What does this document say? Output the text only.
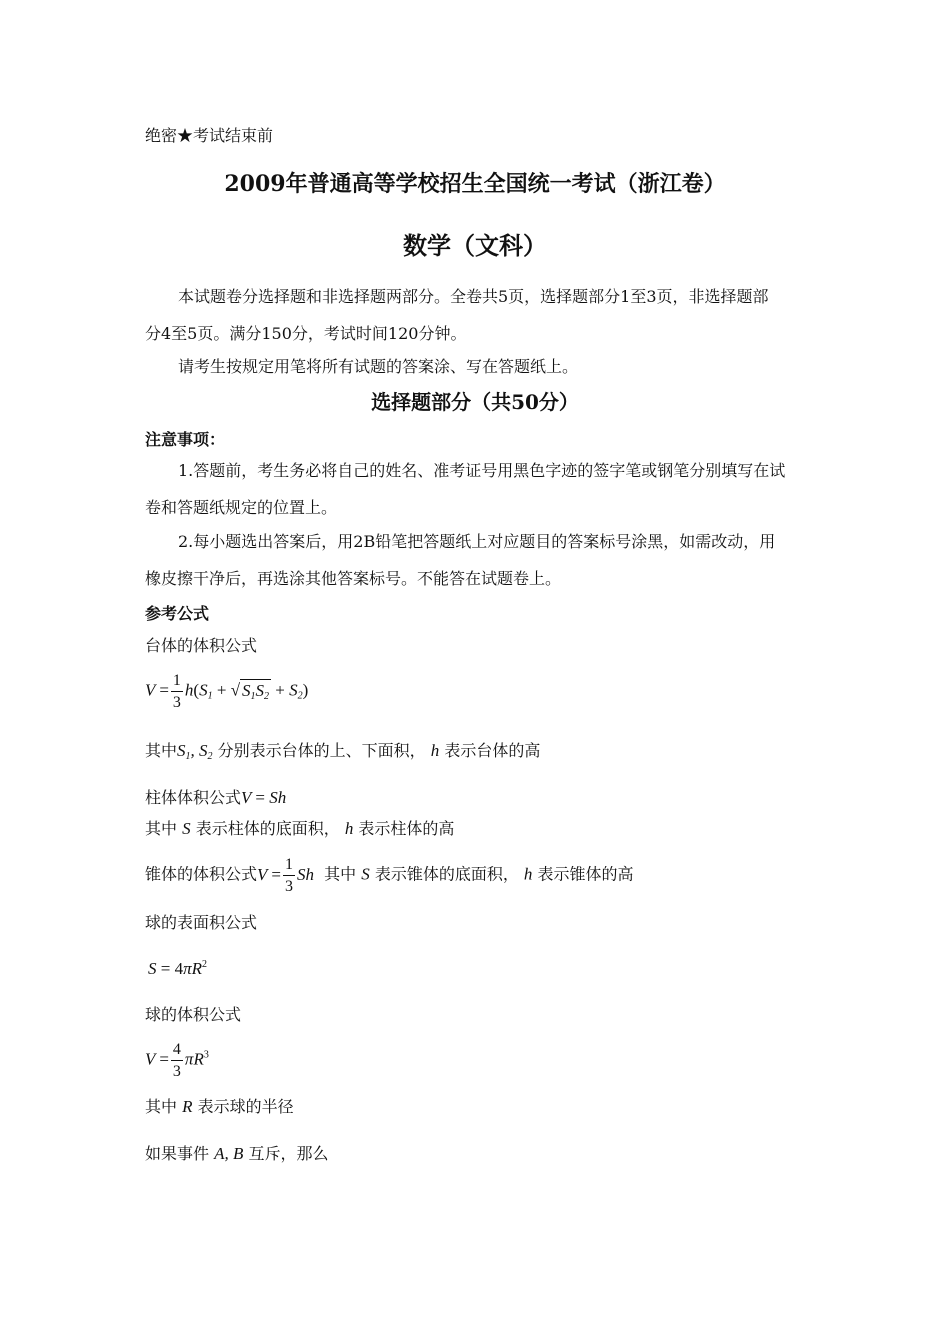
绝密★考试结束前
2009年普通高等学校招生全国统一考试（浙江卷）
数学（文科）
本试题卷分选择题和非选择题两部分。全卷共5页，选择题部分1至3页，非选择题部
分4至5页。满分150分，考试时间120分钟。
请考生按规定用笔将所有试题的答案涂、写在答题纸上。
选择题部分（共50分）
注意事项：
1.答题前，考生务必将自己的姓名、准考证号用黑色字迹的签字笔或钢笔分别填写在试
卷和答题纸规定的位置上。
2.每小题选出答案后，用2B铅笔把答题纸上对应题目的答案标号涂黑，如需改动，用
橡皮擦干净后，再选涂其他答案标号。不能答在试题卷上。
参考公式
台体的体积公式
$V = \frac{1}{3} h(S_1$ + √ $S_1S_2 + S_2$)
其中$S_1$, $S_2$ 分别表示台体的上、下面积， h 表示台体的高
柱体体积公式V = Sh
其中 S 表示柱体的底面积， h 表示柱体的高
锥体的体积公式$V = \frac{1}{3}$ Sh 其中 S 表示锥体的底面积， h 表示锥体的高
球的表面积公式
$S = 4\pi R^2$
球的体积公式
$V = \frac{4}{3} \pi R^3$
其中 R 表示球的半径
如果事件 A, B 互斥，那么
